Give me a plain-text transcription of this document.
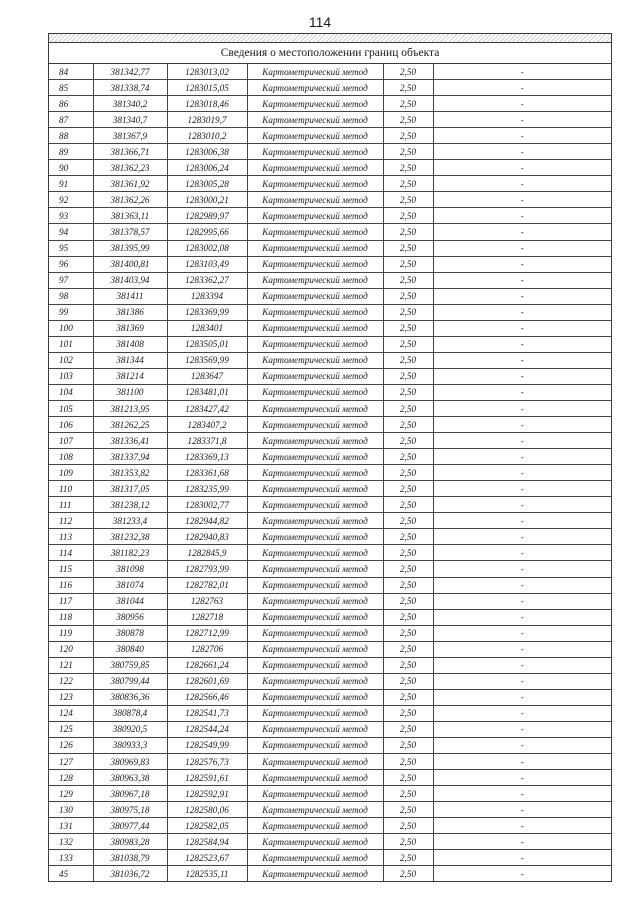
114
Сведения о местоположении границ объекта
84	381342,77	1283013,02	Картометрический метод	2,50	-
85	381338,74	1283015,05	Картометрический метод	2,50	-
86	381340,2	1283018,46	Картометрический метод	2,50	-
87	381340,7	1283019,7	Картометрический метод	2,50	-
88	381367,9	1283010,2	Картометрический метод	2,50	-
89	381366,71	1283006,38	Картометрический метод	2,50	-
90	381362,23	1283006,24	Картометрический метод	2,50	-
91	381361,92	1283005,28	Картометрический метод	2,50	-
92	381362,26	1283000,21	Картометрический метод	2,50	-
93	381363,11	1282989,97	Картометрический метод	2,50	-
94	381378,57	1282995,66	Картометрический метод	2,50	-
95	381395,99	1283002,08	Картометрический метод	2,50	-
96	381400,81	1283103,49	Картометрический метод	2,50	-
97	381403,94	1283362,27	Картометрический метод	2,50	-
98	381411	1283394	Картометрический метод	2,50	-
99	381386	1283369,99	Картометрический метод	2,50	-
100	381369	1283401	Картометрический метод	2,50	-
101	381408	1283505,01	Картометрический метод	2,50	-
102	381344	1283569,99	Картометрический метод	2,50	-
103	381214	1283647	Картометрический метод	2,50	-
104	381100	1283481,01	Картометрический метод	2,50	-
105	381213,95	1283427,42	Картометрический метод	2,50	-
106	381262,25	1283407,2	Картометрический метод	2,50	-
107	381336,41	1283371,8	Картометрический метод	2,50	-
108	381337,94	1283369,13	Картометрический метод	2,50	-
109	381353,82	1283361,68	Картометрический метод	2,50	-
110	381317,05	1283235,99	Картометрический метод	2,50	-
111	381238,12	1283002,77	Картометрический метод	2,50	-
112	381233,4	1282944,82	Картометрический метод	2,50	-
113	381232,38	1282940,83	Картометрический метод	2,50	-
114	381182,23	1282845,9	Картометрический метод	2,50	-
115	381098	1282793,99	Картометрический метод	2,50	-
116	381074	1282782,01	Картометрический метод	2,50	-
117	381044	1282763	Картометрический метод	2,50	-
118	380956	1282718	Картометрический метод	2,50	-
119	380878	1282712,99	Картометрический метод	2,50	-
120	380840	1282706	Картометрический метод	2,50	-
121	380759,85	1282661,24	Картометрический метод	2,50	-
122	380799,44	1282601,69	Картометрический метод	2,50	-
123	380836,36	1282566,46	Картометрический метод	2,50	-
124	380878,4	1282541,73	Картометрический метод	2,50	-
125	380920,5	1282544,24	Картометрический метод	2,50	-
126	380933,3	1282549,99	Картометрический метод	2,50	-
127	380969,83	1282576,73	Картометрический метод	2,50	-
128	380963,38	1282591,61	Картометрический метод	2,50	-
129	380967,18	1282592,91	Картометрический метод	2,50	-
130	380975,18	1282580,06	Картометрический метод	2,50	-
131	380977,44	1282582,05	Картометрический метод	2,50	-
132	380983,28	1282584,94	Картометрический метод	2,50	-
133	381038,79	1282523,67	Картометрический метод	2,50	-
45	381036,72	1282535,11	Картометрический метод	2,50	-
